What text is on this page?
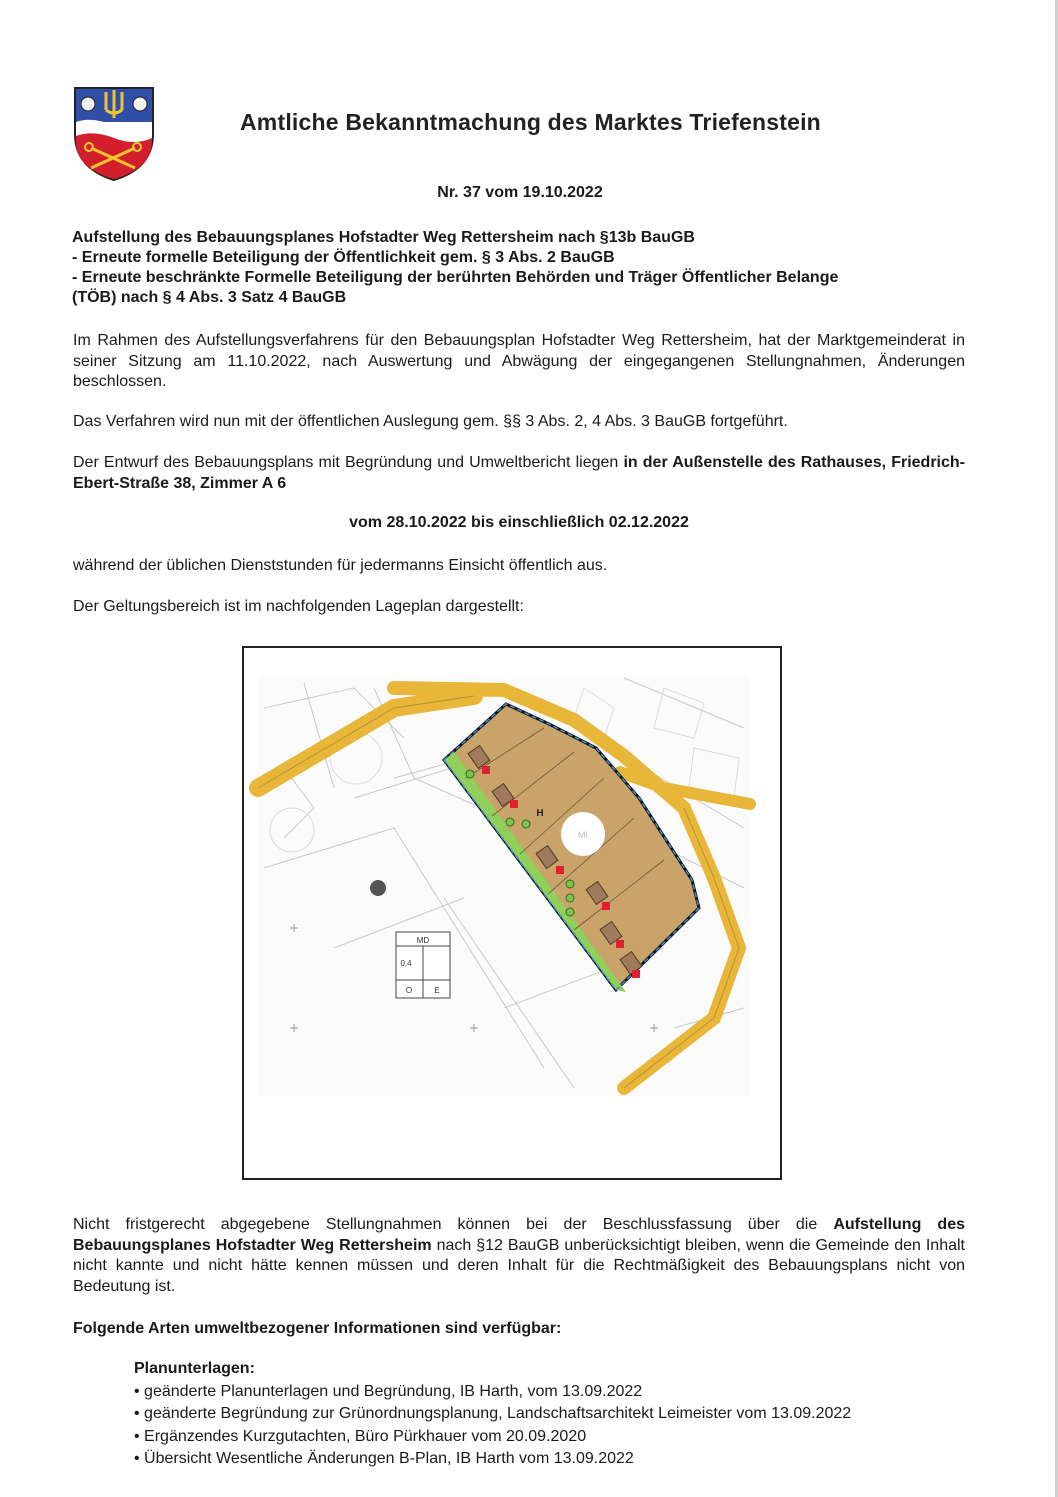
Amtliche Bekanntmachung des Marktes Triefenstein
Nr. 37 vom 19.10.2022
Aufstellung des Bebauungsplanes Hofstadter Weg Rettersheim nach §13b BauGB
- Erneute formelle Beteiligung der Öffentlichkeit gem. § 3 Abs. 2 BauGB
- Erneute beschränkte Formelle Beteiligung der berührten Behörden und Träger Öffentlicher Belange
(TÖB) nach § 4 Abs. 3 Satz 4 BauGB
Im Rahmen des Aufstellungsverfahrens für den Bebauungsplan Hofstadter Weg Rettersheim, hat der Marktgemeinderat in seiner Sitzung am 11.10.2022, nach Auswertung und Abwägung der eingegangenen Stellungnahmen, Änderungen beschlossen.
Das Verfahren wird nun mit der öffentlichen Auslegung gem. §§ 3 Abs. 2, 4 Abs. 3 BauGB fortgeführt.
Der Entwurf des Bebauungsplans mit Begründung und Umweltbericht liegen in der Außenstelle des Rathauses, Friedrich-Ebert-Straße 38, Zimmer A 6
vom 28.10.2022 bis einschließlich 02.12.2022
während der üblichen Dienststunden für jedermanns Einsicht öffentlich aus.
Der Geltungsbereich ist im nachfolgenden Lageplan dargestellt:
MD
0,4
O	E
MI
H
Nicht fristgerecht abgegebene Stellungnahmen können bei der Beschlussfassung über die Aufstellung des Bebauungsplanes Hofstadter Weg Rettersheim nach §12 BauGB unberücksichtigt bleiben, wenn die Gemeinde den Inhalt nicht kannte und nicht hätte kennen müssen und deren Inhalt für die Rechtmäßigkeit des Bebauungsplans nicht von Bedeutung ist.
Folgende Arten umweltbezogener Informationen sind verfügbar:
Planunterlagen:
• geänderte Planunterlagen und Begründung, IB Harth, vom 13.09.2022
• geänderte Begründung zur Grünordnungsplanung, Landschaftsarchitekt Leimeister vom 13.09.2022
• Ergänzendes Kurzgutachten, Büro Pürkhauer vom 20.09.2020
• Übersicht Wesentliche Änderungen B-Plan, IB Harth vom 13.09.2022
